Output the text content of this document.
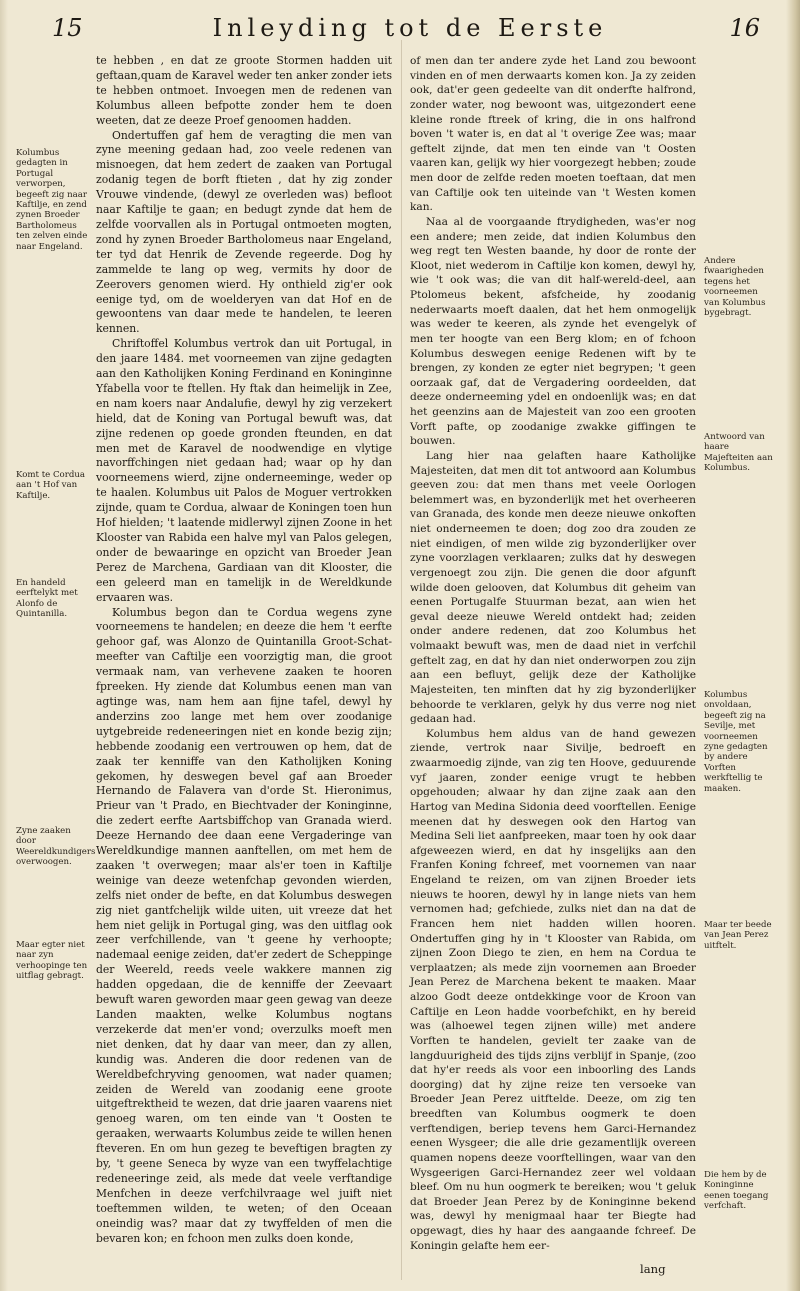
15	Inleyding tot de Eerste	16

te hebben , en dat ze groote Stormen hadden uit geftaan,quam de Karavel weder ten anker zonder iets te hebben ontmoet. Invoegen men de redenen van Kolumbus alleen befpotte zonder hem te doen weeten, dat ze deeze Proef genoomen hadden.

Ondertuffen gaf hem de veragting die men van zyne meening gedaan had, zoo veele redenen van misnoegen, dat hem zedert de zaaken van Portugal zodanig tegen de borft ftieten , dat hy zig zonder Vrouwe vindende, (dewyl ze overleden was) befloot naar Kaftilje te gaan; en bedugt zynde dat hem de zelfde voorvallen als in Portugal ontmoeten mogten, zond hy zynen Broeder Bartholomeus naar Engeland, ter tyd dat Henrik de Zevende regeerde. Dog hy zammelde te lang op weg, vermits hy door de Zeerovers genomen wierd. Hy onthield zig'er ook eenige tyd, om de woelderyen van dat Hof en de gewoontens van daar mede te handelen, te leeren kennen.

Chriftoffel Kolumbus vertrok dan uit Portugal, in den jaare 1484. met voorneemen van zijne gedagten aan den Katholijken Koning Ferdinand en Koninginne Yfabella voor te ftellen. Hy ftak dan heimelijk in Zee, en nam koers naar Andalufie, dewyl hy zig verzekert hield, dat de Koning van Portugal bewuft was, dat zijne redenen op goede gronden fteunden, en dat men met de Karavel de noodwendige en vlytige navorffchingen niet gedaan had; waar op hy dan voorneemens wierd, zijne onderneeminge, weder op te haalen. Kolumbus uit Palos de Moguer vertrokken zijnde, quam te Cordua, alwaar de Koningen toen hun Hof hielden; 't laatende midlerwyl zijnen Zoone in het Klooster van Rabida een halve myl van Palos gelegen, onder de bewaaringe en opzicht van Broeder Jean Perez de Marchena, Gardiaan van dit Klooster, die een geleerd man en tamelijk in de Wereldkunde ervaaren was.

Kolumbus begon dan te Cordua wegens zyne voorneemens te handelen; en deeze die hem 't eerfte gehoor gaf, was Alonzo de Quintanilla Groot-Schat-meefter van Caftilje een voorzigtig man, die groot vermaak nam, van verhevene zaaken te hooren fpreeken. Hy ziende dat Kolumbus eenen man van agtinge was, nam hem aan fijne tafel, dewyl hy anderzins zoo lange met hem over zoodanige uytgebreide redeneeringen niet en konde bezig zijn; hebbende zoodanig een vertrouwen op hem, dat de zaak ter kenniffe van den Katholijken Koning gekomen, hy deswegen bevel gaf aan Broeder Hernando de Falavera van d'orde St. Hieronimus, Prieur van 't Prado, en Biechtvader der Koninginne, die zedert eerfte Aartsbiffchop van Granada wierd. Deeze Hernando dee daan eene Vergaderinge van Wereldkundige mannen aanftellen, om met hem de zaaken 't overwegen; maar als'er toen in Kaftilje weinige van deeze wetenfchap gevonden wierden, zelfs niet onder de befte, en dat Kolumbus deswegen zig niet gantfchelijk wilde uiten, uit vreeze dat het hem niet gelijk in Portugal ging, was den uitflag ook zeer verfchillende, van 't geene hy verhoopte; nademaal eenige zeiden, dat'er zedert de Scheppinge der Weereld, reeds veele wakkere mannen zig hadden opgedaan, die de kenniffe der Zeevaart bewuft waren geworden maar geen gewag van deeze Landen maakten, welke Kolumbus nogtans verzekerde dat men'er vond; overzulks moeft men niet denken, dat hy daar van meer, dan zy allen, kundig was. Anderen die door redenen van de Wereldbefchryving genoomen, wat nader quamen; zeiden de Wereld van zoodanig eene groote uitgeftrektheid te wezen, dat drie jaaren vaarens niet genoeg waren, om ten einde van 't Oosten te geraaken, werwaarts Kolumbus zeide te willen henen fteveren. En om hun gezeg te beveftigen bragten zy by, 't geene Seneca by wyze van een twyffelachtige redeneeringe zeid, als mede dat veele verftandige Menfchen in deeze verfchilvraage wel juift niet toeftemmen wilden, te weten; of den Oceaan oneindig was? maar dat zy twyffelden of men die bevaren kon; en fchoon men zulks doen konde,

of men dan ter andere zyde het Land zou bewoont vinden en of men derwaarts komen kon. Ja zy zeiden ook, dat'er geen gedeelte van dit onderfte halfrond, zonder water, nog bewoont was, uitgezondert eene kleine ronde ftreek of kring, die in ons halfrond boven 't water is, en dat al 't overige Zee was; maar geftelt zijnde, dat men ten einde van 't Oosten vaaren kan, gelijk wy hier voorgezegt hebben; zoude men door de zelfde reden moeten toeftaan, dat men van Caftilje ook ten uiteinde van 't Westen komen kan.

Naa al de voorgaande ftrydigheden, was'er nog een andere; men zeide, dat indien Kolumbus den weg regt ten Westen baande, hy door de ronte der Kloot, niet wederom in Caftilje kon komen, dewyl hy, wie 't ook was; die van dit half-wereld-deel, aan Ptolomeus bekent, afsfcheide, hy zoodanig nederwaarts moeft daalen, dat het hem onmogelijk was weder te keeren, als zynde het evengelyk of men ter hoogte van een Berg klom; en of fchoon Kolumbus deswegen eenige Redenen wift by te brengen, zy konden ze egter niet begrypen; 't geen oorzaak gaf, dat de Vergadering oordeelden, dat deeze onderneeming ydel en ondoenlijk was; en dat het geenzins aan de Majesteit van zoo een grooten Vorft pafte, op zoodanige zwakke giffingen te bouwen.

Lang hier naa gelaften haare Katholijke Majesteiten, dat men dit tot antwoord aan Kolumbus geeven zou: dat men thans met veele Oorlogen belemmert was, en byzonderlijk met het overheeren van Granada, des konde men deeze nieuwe onkoften niet onderneemen te doen; dog zoo dra zouden ze niet eindigen, of men wilde zig byzonderlijker over zyne voorzlagen verklaaren; zulks dat hy deswegen vergenoegt zou zijn. Die genen die door afgunft wilde doen gelooven, dat Kolumbus dit geheim van eenen Portugalfe Stuurman bezat, aan wien het geval deeze nieuwe Wereld ontdekt had; zeiden onder andere redenen, dat zoo Kolumbus het volmaakt bewuft was, men de daad niet in verfchil geftelt zag, en dat hy dan niet onderworpen zou zijn aan een befluyt, gelijk deze der Katholijke Majesteiten, ten minften dat hy zig byzonderlijker behoorde te verklaren, gelyk hy dus verre nog niet gedaan had.

Kolumbus hem aldus van de hand gewezen ziende, vertrok naar Sivilje, bedroeft en zwaarmoedig zijnde, van zig ten Hoove, geduurende vyf jaaren, zonder eenige vrugt te hebben opgehouden; alwaar hy dan zijne zaak aan den Hartog van Medina Sidonia deed voorftellen. Eenige meenen dat hy deswegen ook den Hartog van Medina Seli liet aanfpreeken, maar toen hy ook daar afgeweezen wierd, en dat hy insgelijks aan den Franfen Koning fchreef, met voornemen van naar Engeland te reizen, om van zijnen Broeder iets nieuws te hooren, dewyl hy in lange niets van hem vernomen had; gefchiede, zulks niet dan na dat de Francen hem niet hadden willen hooren. Ondertuffen ging hy in 't Klooster van Rabida, om zijnen Zoon Diego te zien, en hem na Cordua te verplaatzen; als mede zijn voornemen aan Broeder Jean Perez de Marchena bekent te maaken. Maar alzoo Godt deeze ontdekkinge voor de Kroon van Caftilje en Leon hadde voorbefchikt, en hy bereid was (alhoewel tegen zijnen wille) met andere Vorften te handelen, gevielt ter zaake van de langduurigheid des tijds zijns verblijf in Spanje, (zoo dat hy'er reeds als voor een inboorling des Lands doorging) dat hy zijne reize ten versoeke van Broeder Jean Perez uitftelde. Deeze, om zig ten breedften van Kolumbus oogmerk te doen verftendigen, beriep tevens hem Garci-Hernandez eenen Wysgeer; die alle drie gezamentlijk overeen quamen nopens deeze voorftellingen, waar van den Wysgeerigen Garci-Hernandez zeer wel voldaan bleef. Om nu hun oogmerk te bereiken; wou 't geluk dat Broeder Jean Perez by de Koninginne bekend was, dewyl hy menigmaal haar ter Biegte had opgewagt, dies hy haar des aangaande fchreef. De Koningin gelafte hem eer-

Kolumbus gedagten in Portugal verworpen, begeeft zig naar Kaftilje, en zend zynen Broeder Bartholomeus ten zelven einde naar Engeland.
Komt te Cordua aan 't Hof van Kaftilje.
En handeld eerftelykt met Alonfo de Quintanilla.
Zyne zaaken door Weereldkundigers overwoogen.
Maar egter niet naar zyn verhoopinge ten uitflag gebragt.
Andere fwaarigheden tegens het voorneemen van Kolumbus bygebragt.
Antwoord van haare Majefteiten aan Kolumbus.
Kolumbus onvoldaan, begeeft zig na Sevilje, met voorneemen zyne gedagten by andere Vorften werkftellig te maaken.
Maar ter beede van Jean Perez uitftelt.
Die hem by de Koninginne eenen toegang verfchaft.
lang
